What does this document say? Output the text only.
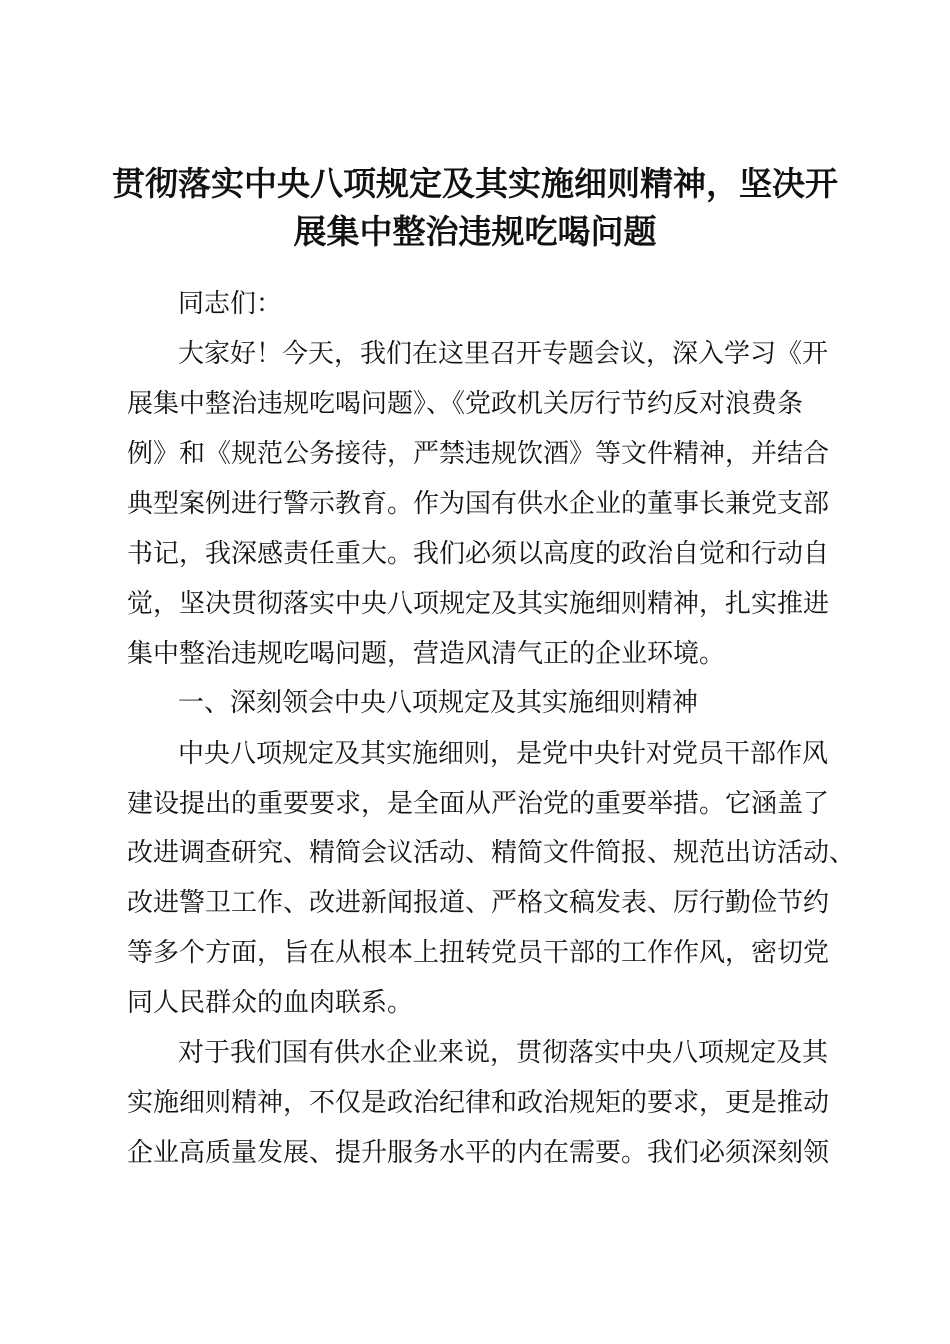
贯彻落实中央八项规定及其实施细则精神，坚决开展集中整治违规吃喝问题

同志们：

大家好！今天，我们在这里召开专题会议，深入学习《开

展集中整治违规吃喝问题》、《党政机关厉行节约反对浪费条

例》和《规范公务接待，严禁违规饮酒》等文件精神，并结合

典型案例进行警示教育。作为国有供水企业的董事长兼党支部

书记，我深感责任重大。我们必须以高度的政治自觉和行动自

觉，坚决贯彻落实中央八项规定及其实施细则精神，扎实推进

集中整治违规吃喝问题，营造风清气正的企业环境。

一、深刻领会中央八项规定及其实施细则精神

中央八项规定及其实施细则，是党中央针对党员干部作风

建设提出的重要要求，是全面从严治党的重要举措。它涵盖了

改进调查研究、精简会议活动、精简文件简报、规范出访活动、

改进警卫工作、改进新闻报道、严格文稿发表、厉行勤俭节约

等多个方面，旨在从根本上扭转党员干部的工作作风，密切党

同人民群众的血肉联系。

对于我们国有供水企业来说，贯彻落实中央八项规定及其

实施细则精神，不仅是政治纪律和政治规矩的要求，更是推动

企业高质量发展、提升服务水平的内在需要。我们必须深刻领
